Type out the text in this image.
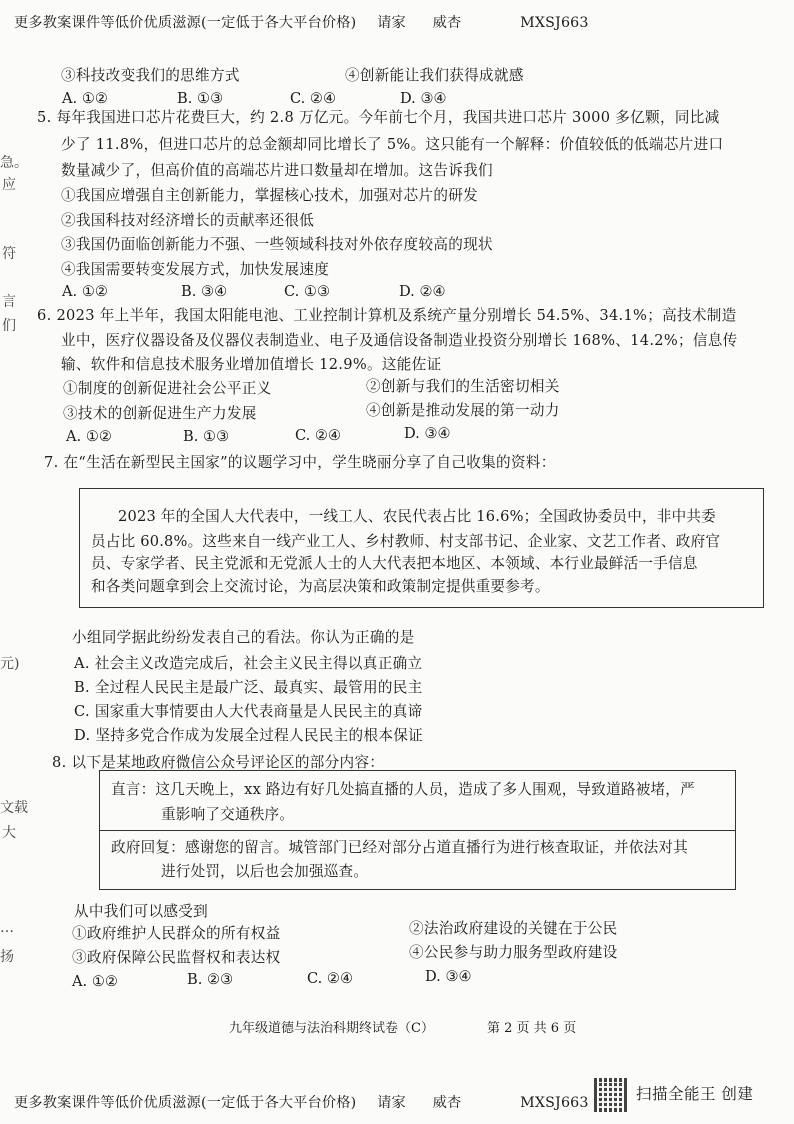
更多教案课件等低价优质滋源(一定低于各大平台价格) 请家 威杏	MXSJ663
急。
应
符
言
们
元)
文载
大
…
扬
③科技改变我们的思维方式	④创新能让我们获得成就感
A. ①②	B. ①③	C. ②④	D. ③④
5. 每年我国进口芯片花费巨大，约 2.8 万亿元。今年前七个月，我国共进口芯片 3000 多亿颗，同比减
少了 11.8%，但进口芯片的总金额却同比增长了 5%。这只能有一个解释：价值较低的低端芯片进口
数量减少了，但高价值的高端芯片进口数量却在增加。这告诉我们
①我国应增强自主创新能力，掌握核心技术，加强对芯片的研发
②我国科技对经济增长的贡献率还很低
③我国仍面临创新能力不强、一些领域科技对外依存度较高的现状
④我国需要转变发展方式，加快发展速度
A. ①②	B. ③④	C. ①③	D. ②④
6. 2023 年上半年，我国太阳能电池、工业控制计算机及系统产量分别增长 54.5%、34.1%；高技术制造
业中，医疗仪器设备及仪器仪表制造业、电子及通信设备制造业投资分别增长 168%、14.2%；信息传
输、软件和信息技术服务业增加值增长 12.9%。这能佐证
①制度的创新促进社会公平正义	②创新与我们的生活密切相关
③技术的创新促进生产力发展	④创新是推动发展的第一动力
A. ①②	B. ①③	C. ②④	D. ③④
7. 在“生活在新型民主国家”的议题学习中，学生晓丽分享了自己收集的资料：
2023 年的全国人大代表中，一线工人、农民代表占比 16.6%；全国政协委员中，非中共委
员占比 60.8%。这些来自一线产业工人、乡村教师、村支部书记、企业家、文艺工作者、政府官
员、专家学者、民主党派和无党派人士的人大代表把本地区、本领域、本行业最鲜活一手信息
和各类问题拿到会上交流讨论，为高层决策和政策制定提供重要参考。
小组同学据此纷纷发表自己的看法。你认为正确的是
A. 社会主义改造完成后，社会主义民主得以真正确立
B. 全过程人民民主是最广泛、最真实、最管用的民主
C. 国家重大事情要由人大代表商量是人民民主的真谛
D. 坚持多党合作成为发展全过程人民民主的根本保证
8. 以下是某地政府微信公众号评论区的部分内容：
直言：这几天晚上，xx 路边有好几处搞直播的人员，造成了多人围观，导致道路被堵，严
重影响了交通秩序。
政府回复：感谢您的留言。城管部门已经对部分占道直播行为进行核查取证，并依法对其
进行处罚，以后也会加强巡查。
从中我们可以感受到
①政府维护人民群众的所有权益	②法治政府建设的关键在于公民
③政府保障公民监督权和表达权	④公民参与助力服务型政府建设
A. ①②	B. ②③	C. ②④	D. ③④
九年级道德与法治科期终试卷（C）	第 2 页 共 6 页
更多教案课件等低价优质滋源(一定低于各大平台价格) 请家 威杏	MXSJ663	扫描全能王 创建
